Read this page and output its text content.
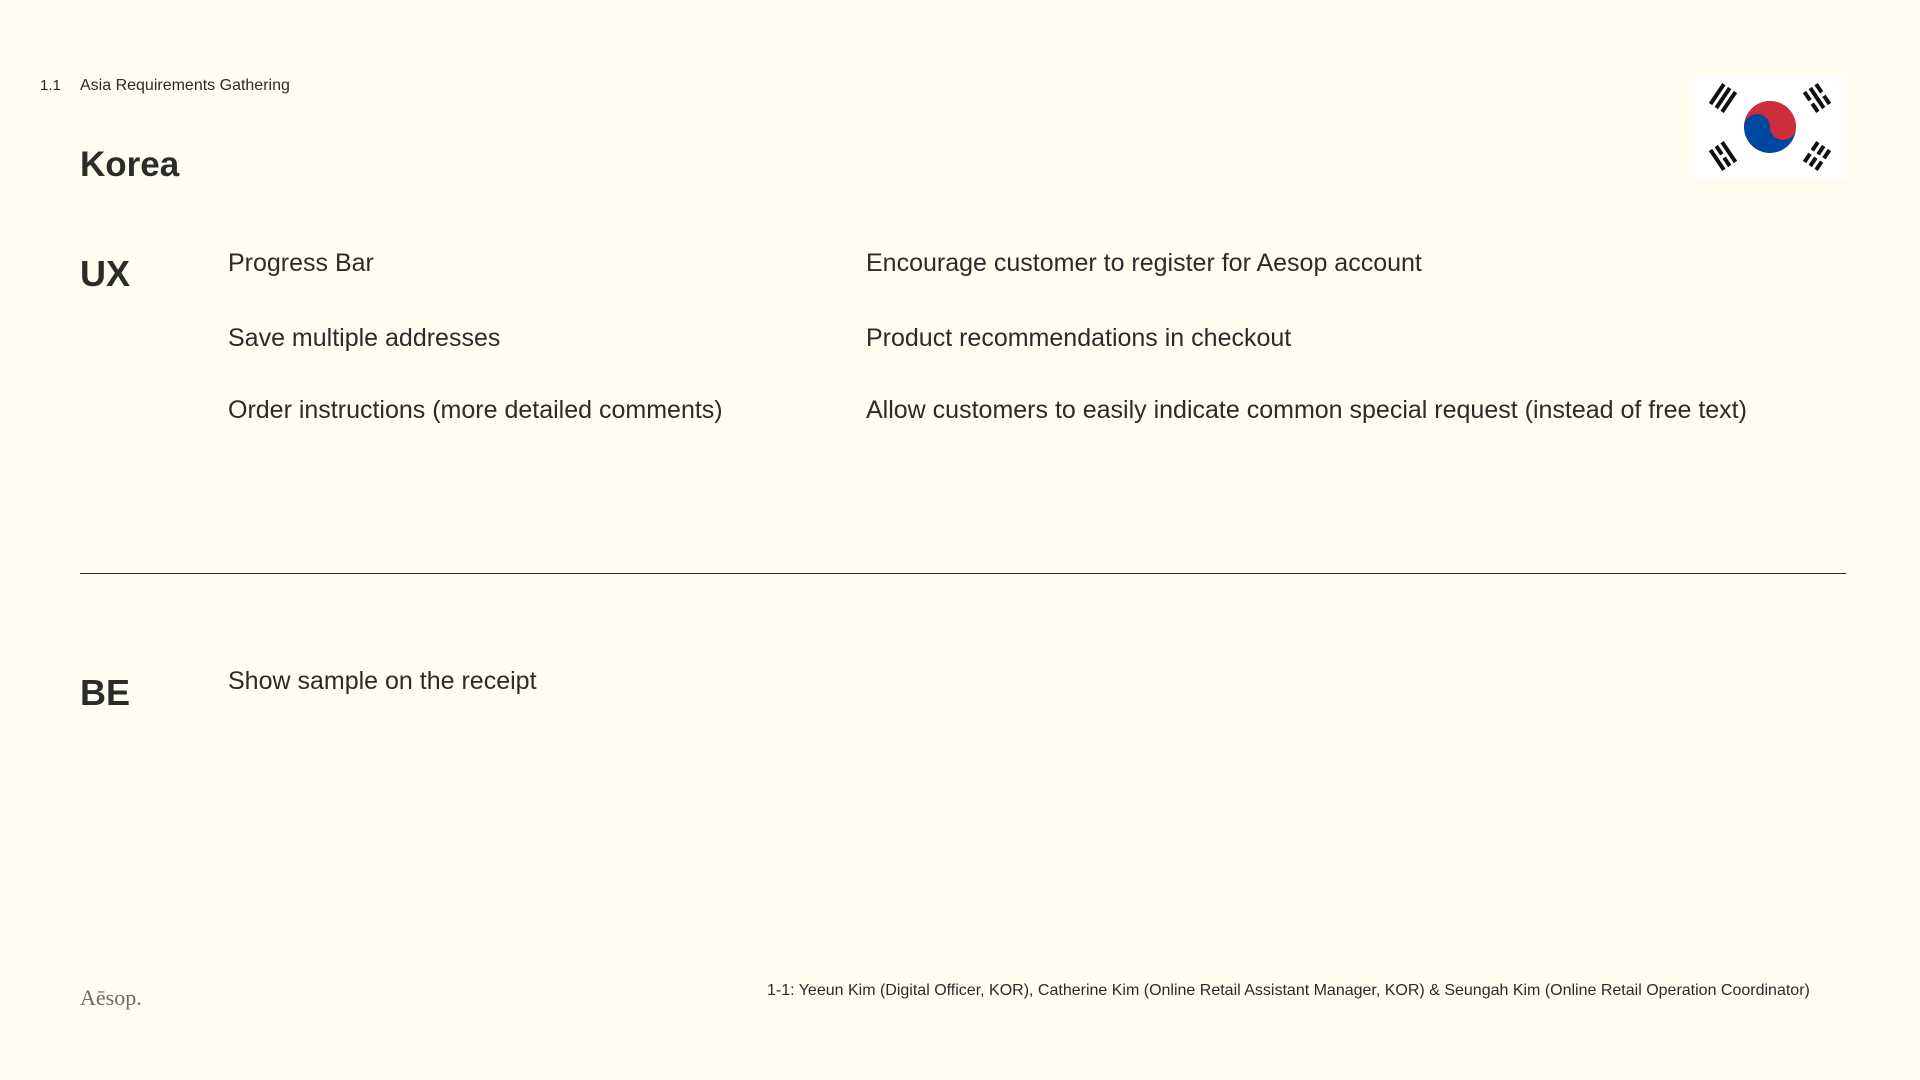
1.1 Asia Requirements Gathering
Korea
UX	Progress Bar	Encourage customer to register for Aesop account
Save multiple addresses	Product recommendations in checkout
Order instructions (more detailed comments)	Allow customers to easily indicate common special request (instead of free text)
BE	Show sample on the receipt
Aēsop.	1-1: Yeeun Kim (Digital Officer, KOR), Catherine Kim (Online Retail Assistant Manager, KOR) & Seungah Kim (Online Retail Operation Coordinator)
